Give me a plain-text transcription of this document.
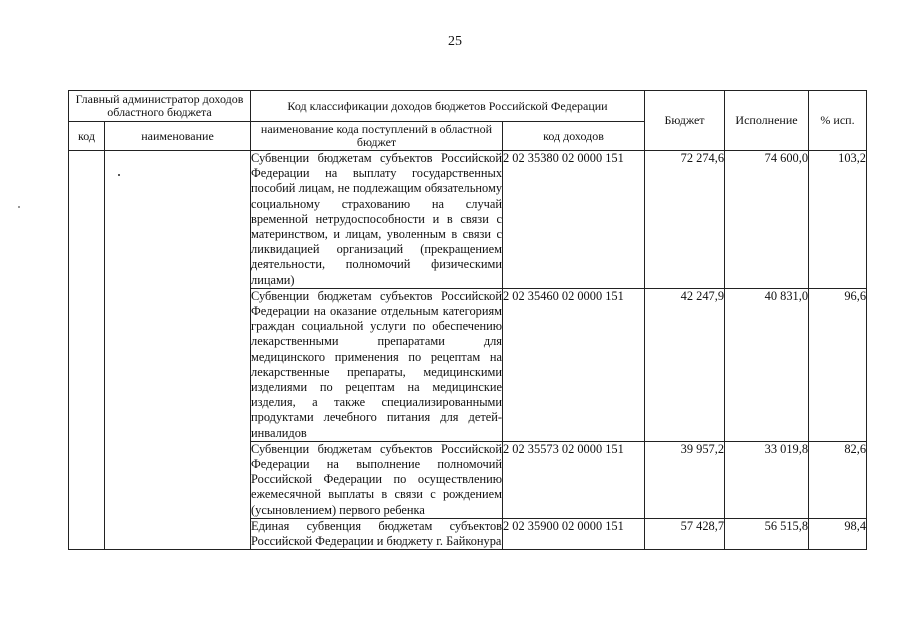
25
Главный администратор доходов областного бюджета		Код классификации доходов бюджетов Российской Федерации		Бюджет	Исполнение	% исп.
код	наименование	наименование кода поступлений в областной бюджет	код доходов			
		Субвенции бюджетам субъектов Российской Федерации на выплату государственных пособий лицам, не подлежащим обязательному социальному страхованию на случай временной нетрудоспособности и в связи с материнством, и лицам, уволенным в связи с ликвидацией организаций (прекращением деятельности, полномочий физическими лицами)	2 02 35380 02 0000 151	72 274,6	74 600,0	103,2
		Субвенции бюджетам субъектов Российской Федерации на оказание отдельным категориям граждан социальной услуги по обеспечению лекарственными препаратами для медицинского применения по рецептам на лекарственные препараты, медицинскими изделиями по рецептам на медицинские изделия, а также специализированными продуктами лечебного питания для детей-инвалидов	2 02 35460 02 0000 151	42 247,9	40 831,0	96,6
		Субвенции бюджетам субъектов Российской Федерации на выполнение полномочий Российской Федерации по осуществлению ежемесячной выплаты в связи с рождением (усыновлением) первого ребенка	2 02 35573 02 0000 151	39 957,2	33 019,8	82,6
		Единая субвенция бюджетам субъектов Российской Федерации и бюджету г. Байконура	2 02 35900 02 0000 151	57 428,7	56 515,8	98,4
